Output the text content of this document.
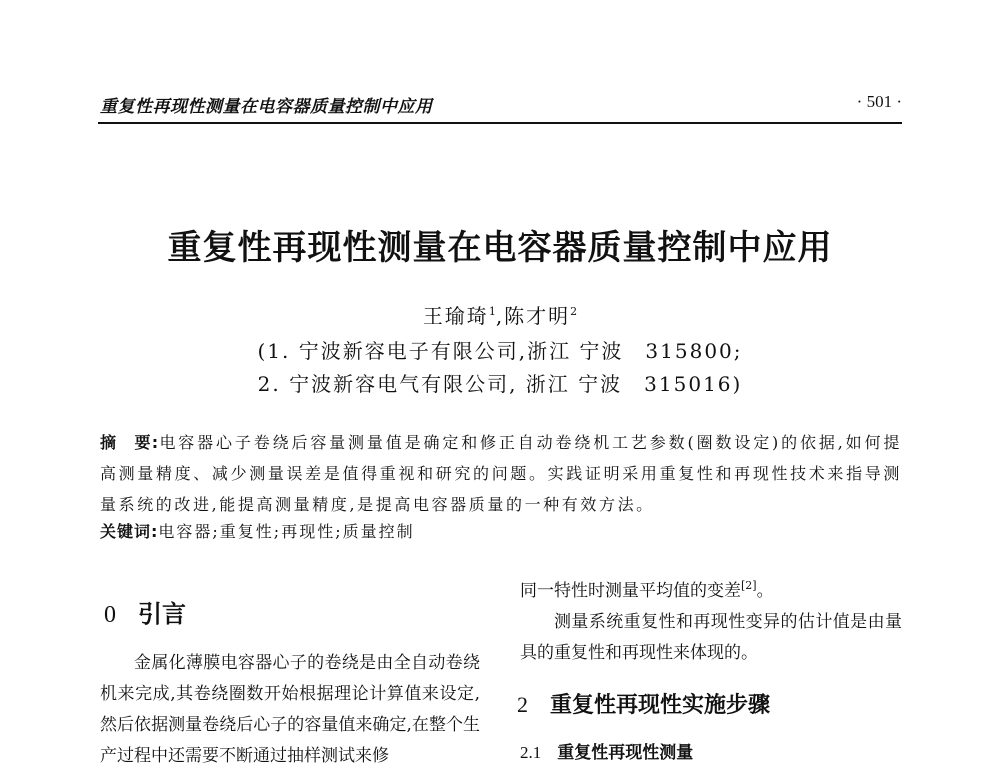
重复性再现性测量在电容器质量控制中应用	· 501 ·
重复性再现性测量在电容器质量控制中应用
王瑜琦$^1$,陈才明$^2$
(1. 宁波新容电子有限公司,浙江 宁波　315800;
2. 宁波新容电气有限公司, 浙江 宁波　315016)
摘　要:电容器心子卷绕后容量测量值是确定和修正自动卷绕机工艺参数(圈数设定)的依据,如何提高测量精度、减少测量误差是值得重视和研究的问题。实践证明采用重复性和再现性技术来指导测量系统的改进,能提高测量精度,是提高电容器质量的一种有效方法。
关键词:电容器;重复性;再现性;质量控制
0 引言

金属化薄膜电容器心子的卷绕是由全自动卷绕机来完成,其卷绕圈数开始根据理论计算值来设定,然后依据测量卷绕后心子的容量值来确定,在整个生产过程中还需要不断通过抽样测试来修

同一特性时测量平均值的变差[2]。

测量系统重复性和再现性变异的估计值是由量具的重复性和再现性来体现的。

2 重复性再现性实施步骤
2.1 重复性再现性测量
